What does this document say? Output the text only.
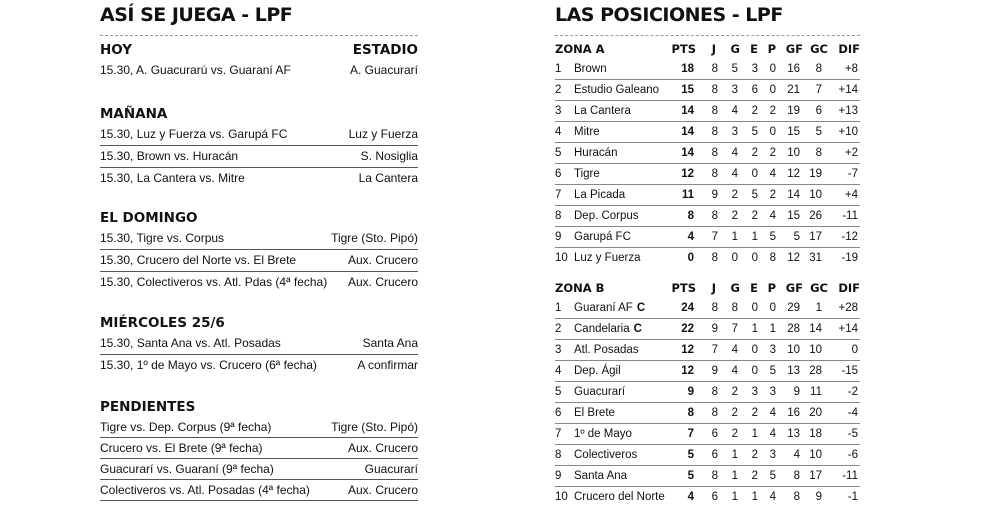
ASÍ SE JUEGA - LPF
HOY	ESTADIO
15.30, A. Guacurarú vs. Guaraní AF	A. Guacurarí
MAÑANA
15.30, Luz y Fuerza vs. Garupá FC	Luz y Fuerza
15.30, Brown vs. Huracán	S. Nosiglia
15.30, La Cantera vs. Mitre	La Cantera
EL DOMINGO
15.30, Tigre vs. Corpus	Tigre (Sto. Pipó)
15.30, Crucero del Norte vs. El Brete	Aux. Crucero
15.30, Colectiveros vs. Atl. Pdas (4ª fecha) Aux. Crucero
MIÉRCOLES 25/6
15.30, Santa Ana vs. Atl. Posadas	Santa Ana
15.30, 1º de Mayo vs. Crucero (6ª fecha)	A confirmar
PENDIENTES
Tigre vs. Dep. Corpus (9ª fecha)	Tigre (Sto. Pipó)
Crucero vs. El Brete (9ª fecha)	Aux. Crucero
Guacurarí vs. Guaraní (9ª fecha)	Guacurarí
Colectiveros vs. Atl. Posadas (4ª fecha)	Aux. Crucero
LAS POSICIONES - LPF
ZONA A	PTS J G E P GF GC DIF
1 Brown	18 8 5 3 0 16 8 +8
2 Estudio Galeano 15 8 3 6 0 21 7 +14
3 La Cantera	14 8 4 2 2 19 6 +13
4 Mitre	14 8 3 5 0 15 5 +10
5 Huracán	14 8 4 2 2 10 8 +2
6 Tigre	12 8 4 0 4 12 19 -7
7 La Picada	11 9 2 5 2 14 10 +4
8 Dep. Corpus	8 8 2 2 4 15 26 -11
9 Garupá FC	4 7 1 1 5 5 17 -12
10 Luz y Fuerza	0 8 0 0 8 12 31 -19
ZONA B	PTS J G E P GF GC DIF
1 Guaraní AF C	24 8 8 0 0 29 1 +28
2 Candelaria C	22 9 7 1 1 28 14 +14
3 Atl. Posadas	12 7 4 0 3 10 10	0
4 Dep. Ágil	12 9 4 0 5 13 28 -15
5 Guacurarí	9 8 2 3 3 9 11 -2
6 El Brete	8 8 2 2 4 16 20 -4
7 1º de Mayo	7 6 2 1 4 13 18 -5
8 Colectiveros	5 6 1 2 3 4 10 -6
9 Santa Ana	5 8 1 2 5 8 17 -11
10 Crucero del Norte 4 6 1 1 4 8 9 -1
